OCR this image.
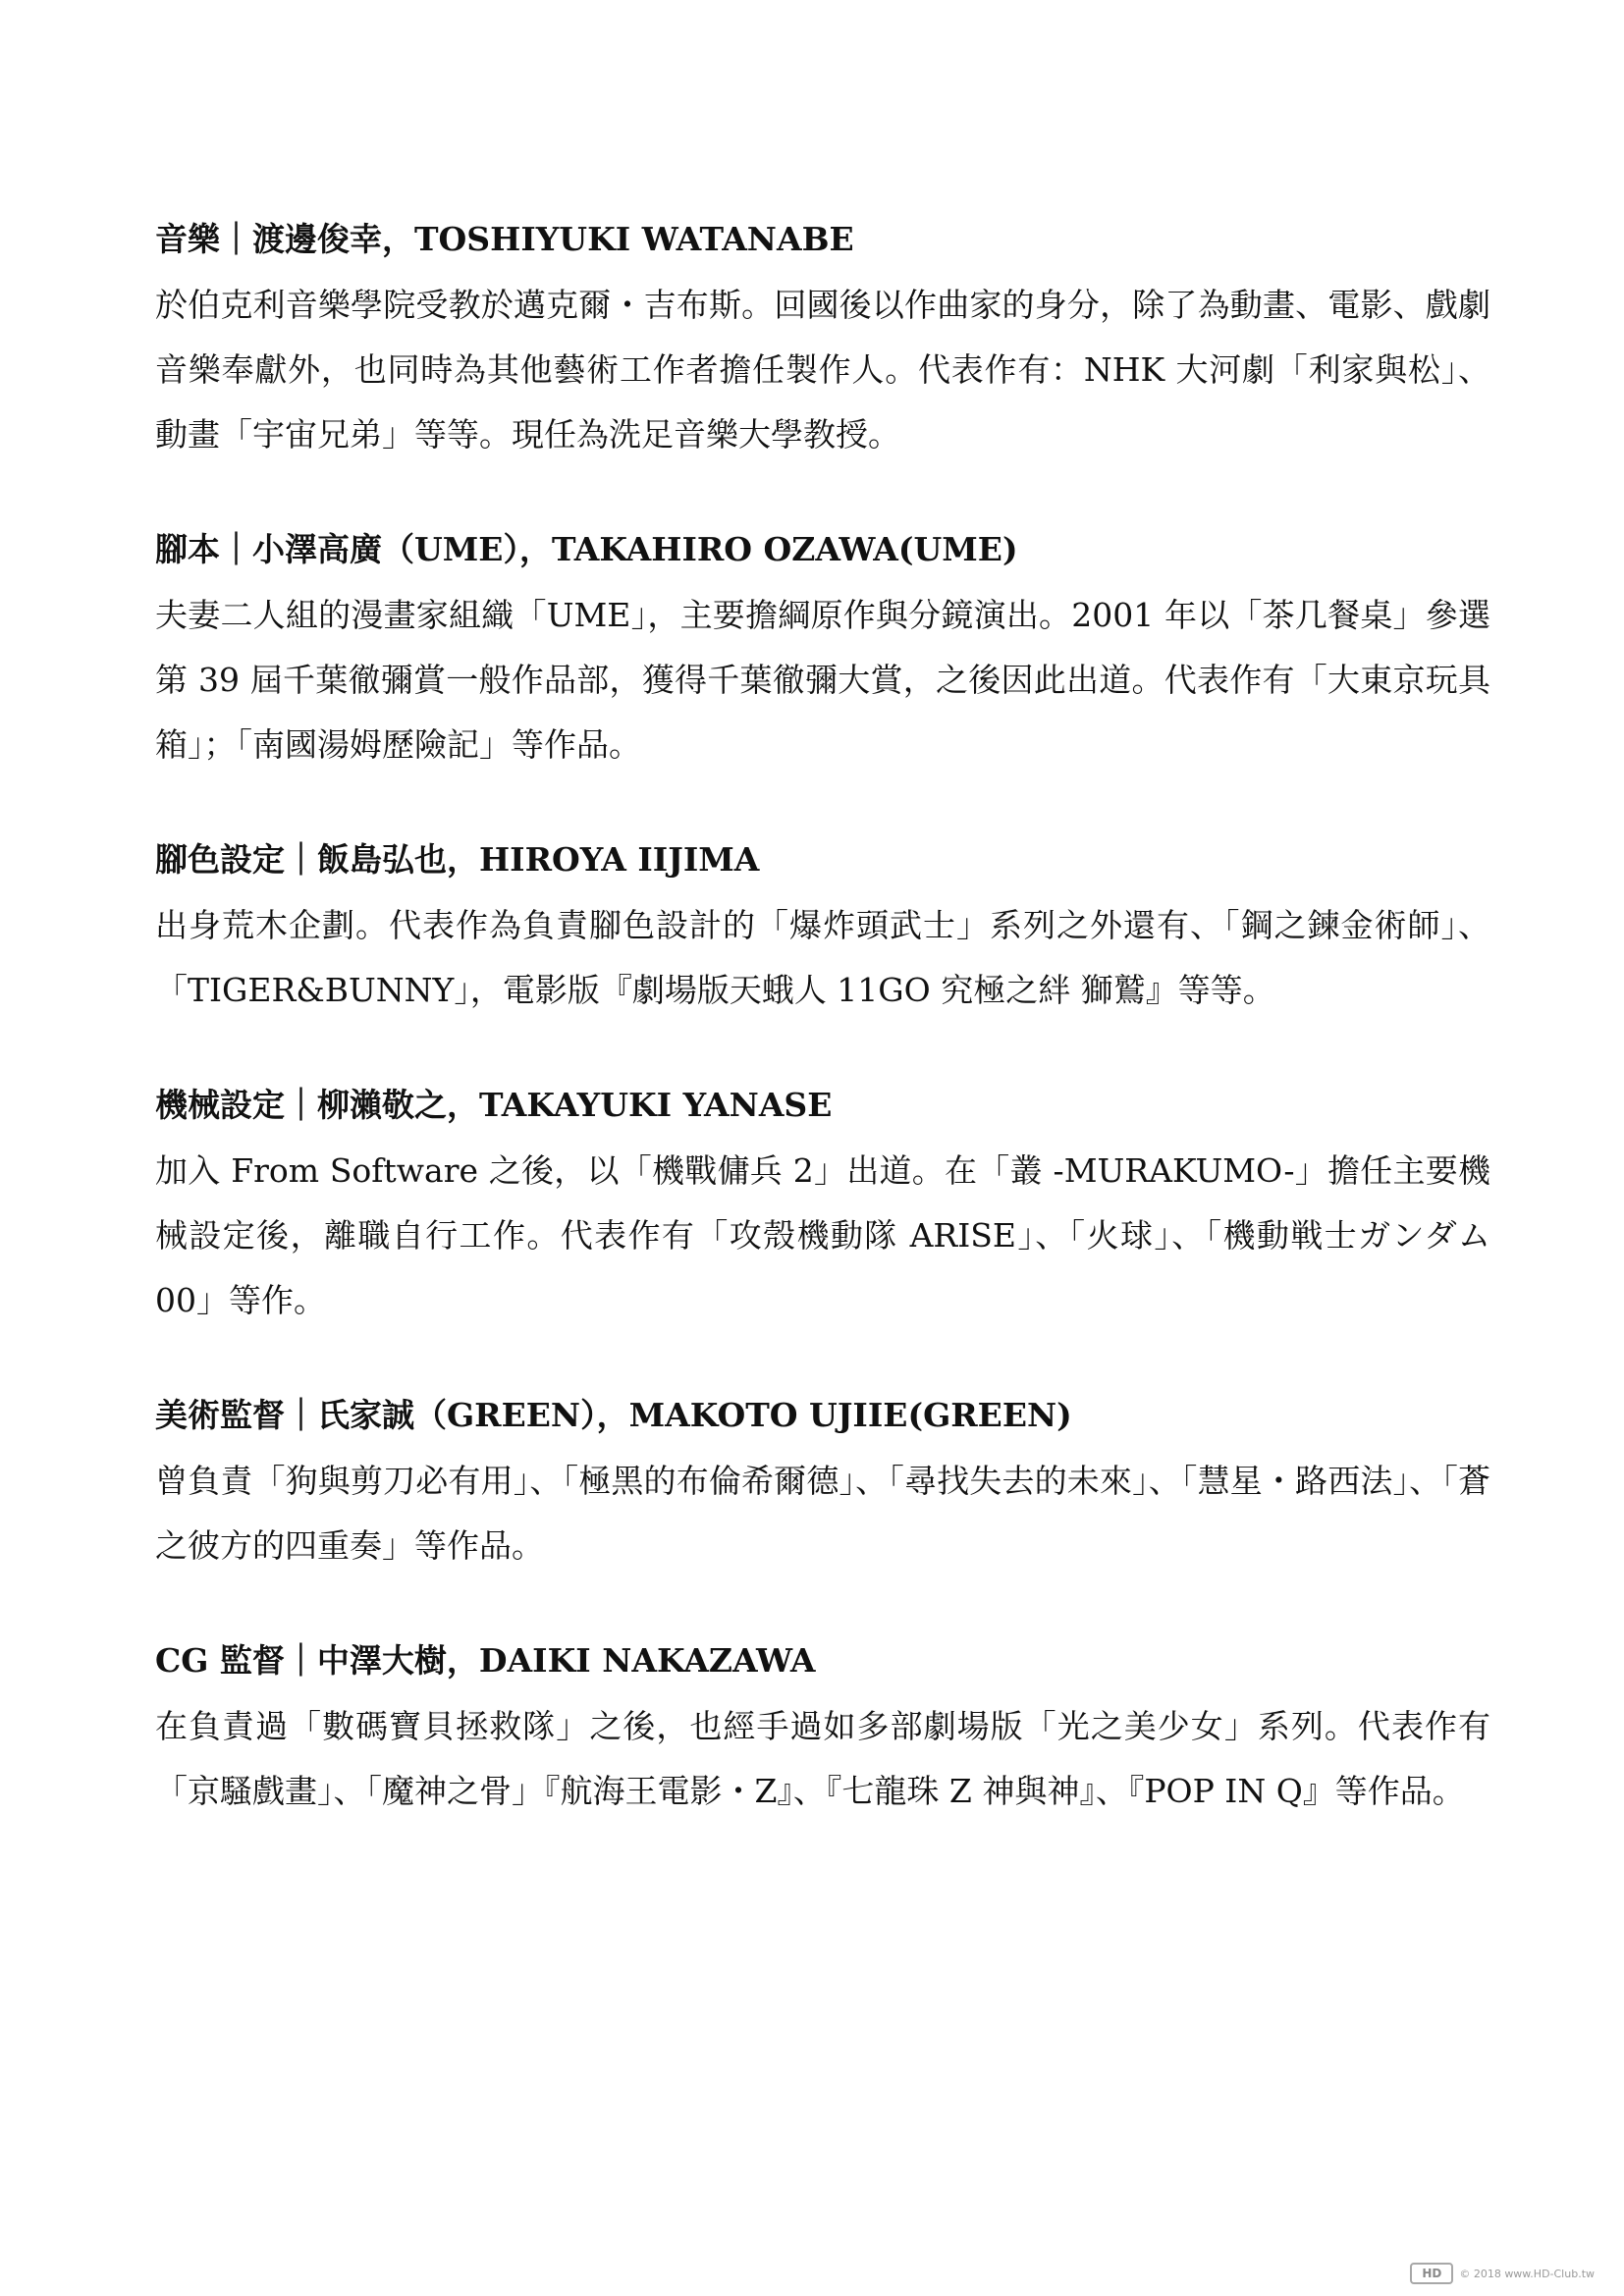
音樂｜渡邊俊幸，TOSHIYUKI WATANABE

於伯克利音樂學院受教於邁克爾・吉布斯。回國後以作曲家的身分，除了為動畫、電影、戲劇音樂奉獻外，也同時為其他藝術工作者擔任製作人。代表作有：NHK 大河劇「利家與松」、動畫「宇宙兄弟」等等。現任為洗足音樂大學教授。

腳本｜小澤高廣（UME），TAKAHIRO OZAWA(UME)

夫妻二人組的漫畫家組織「UME」，主要擔綱原作與分鏡演出。2001 年以「茶几餐桌」參選第 39 屆千葉徹彌賞一般作品部，獲得千葉徹彌大賞，之後因此出道。代表作有「大東京玩具箱」；「南國湯姆歷險記」等作品。

腳色設定｜飯島弘也，HIROYA IIJIMA

出身荒木企劃。代表作為負責腳色設計的「爆炸頭武士」系列之外還有、「鋼之鍊金術師」、「TIGER&BUNNY」，電影版『劇場版天蛾人 11GO 究極之絆 獅鷲』等等。

機械設定｜柳瀨敬之，TAKAYUKI YANASE

加入 From Software 之後，以「機戰傭兵 2」出道。在「叢 -MURAKUMO-」擔任主要機械設定後，離職自行工作。代表作有「攻殼機動隊 ARISE」、「火球」、「機動戦士ガンダム 00」等作。

美術監督｜氏家誠（GREEN），MAKOTO UJIIE(GREEN)

曾負責「狗與剪刀必有用」、「極黑的布倫希爾德」、「尋找失去的未來」、「慧星・路西法」、「蒼之彼方的四重奏」等作品。

CG 監督｜中澤大樹，DAIKI NAKAZAWA

在負責過「數碼寶貝拯救隊」之後，也經手過如多部劇場版「光之美少女」系列。代表作有「京騷戲畫」、「魔神之骨」『航海王電影・Z』、『七龍珠 Z 神與神』、『POP IN Q』等作品。

HD	© 2018 www.HD-Club.tw
